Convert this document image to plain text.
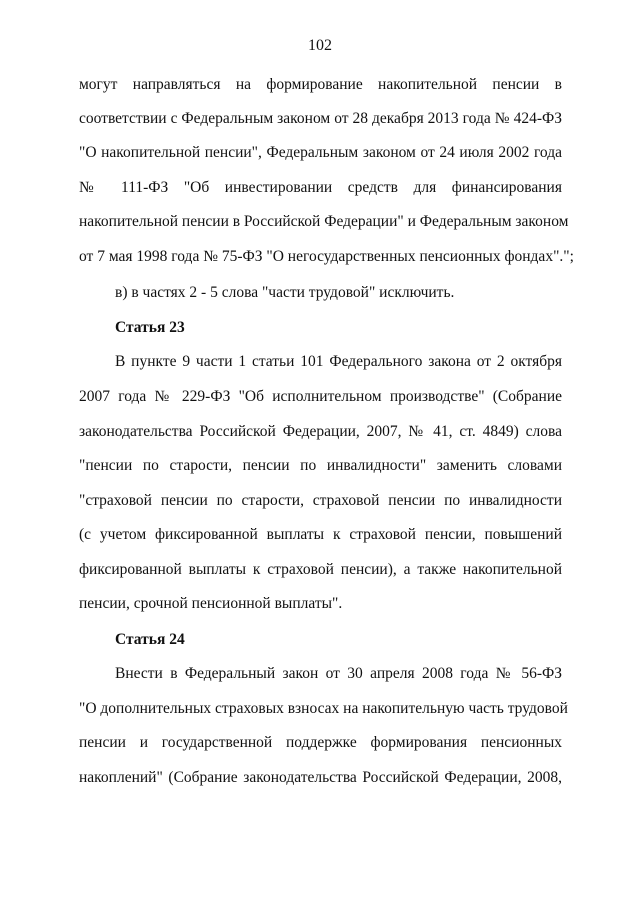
102
могут направляться на формирование накопительной пенсии в
соответствии с Федеральным законом от 28 декабря 2013 года № 424-ФЗ
"О накопительной пенсии", Федеральным законом от 24 июля 2002 года
№ 111-ФЗ "Об инвестировании средств для финансирования
накопительной пенсии в Российской Федерации" и Федеральным законом
от 7 мая 1998 года № 75-ФЗ "О негосударственных пенсионных фондах".";
в) в частях 2 - 5 слова "части трудовой" исключить.
Статья 23
В пункте 9 части 1 статьи 101 Федерального закона от 2 октября
2007 года № 229-ФЗ "Об исполнительном производстве" (Собрание
законодательства Российской Федерации, 2007, № 41, ст. 4849) слова
"пенсии по старости, пенсии по инвалидности" заменить словами
"страховой пенсии по старости, страховой пенсии по инвалидности
(с учетом фиксированной выплаты к страховой пенсии, повышений
фиксированной выплаты к страховой пенсии), а также накопительной
пенсии, срочной пенсионной выплаты".
Статья 24
Внести в Федеральный закон от 30 апреля 2008 года № 56-ФЗ
"О дополнительных страховых взносах на накопительную часть трудовой
пенсии и государственной поддержке формирования пенсионных
накоплений" (Собрание законодательства Российской Федерации, 2008,
